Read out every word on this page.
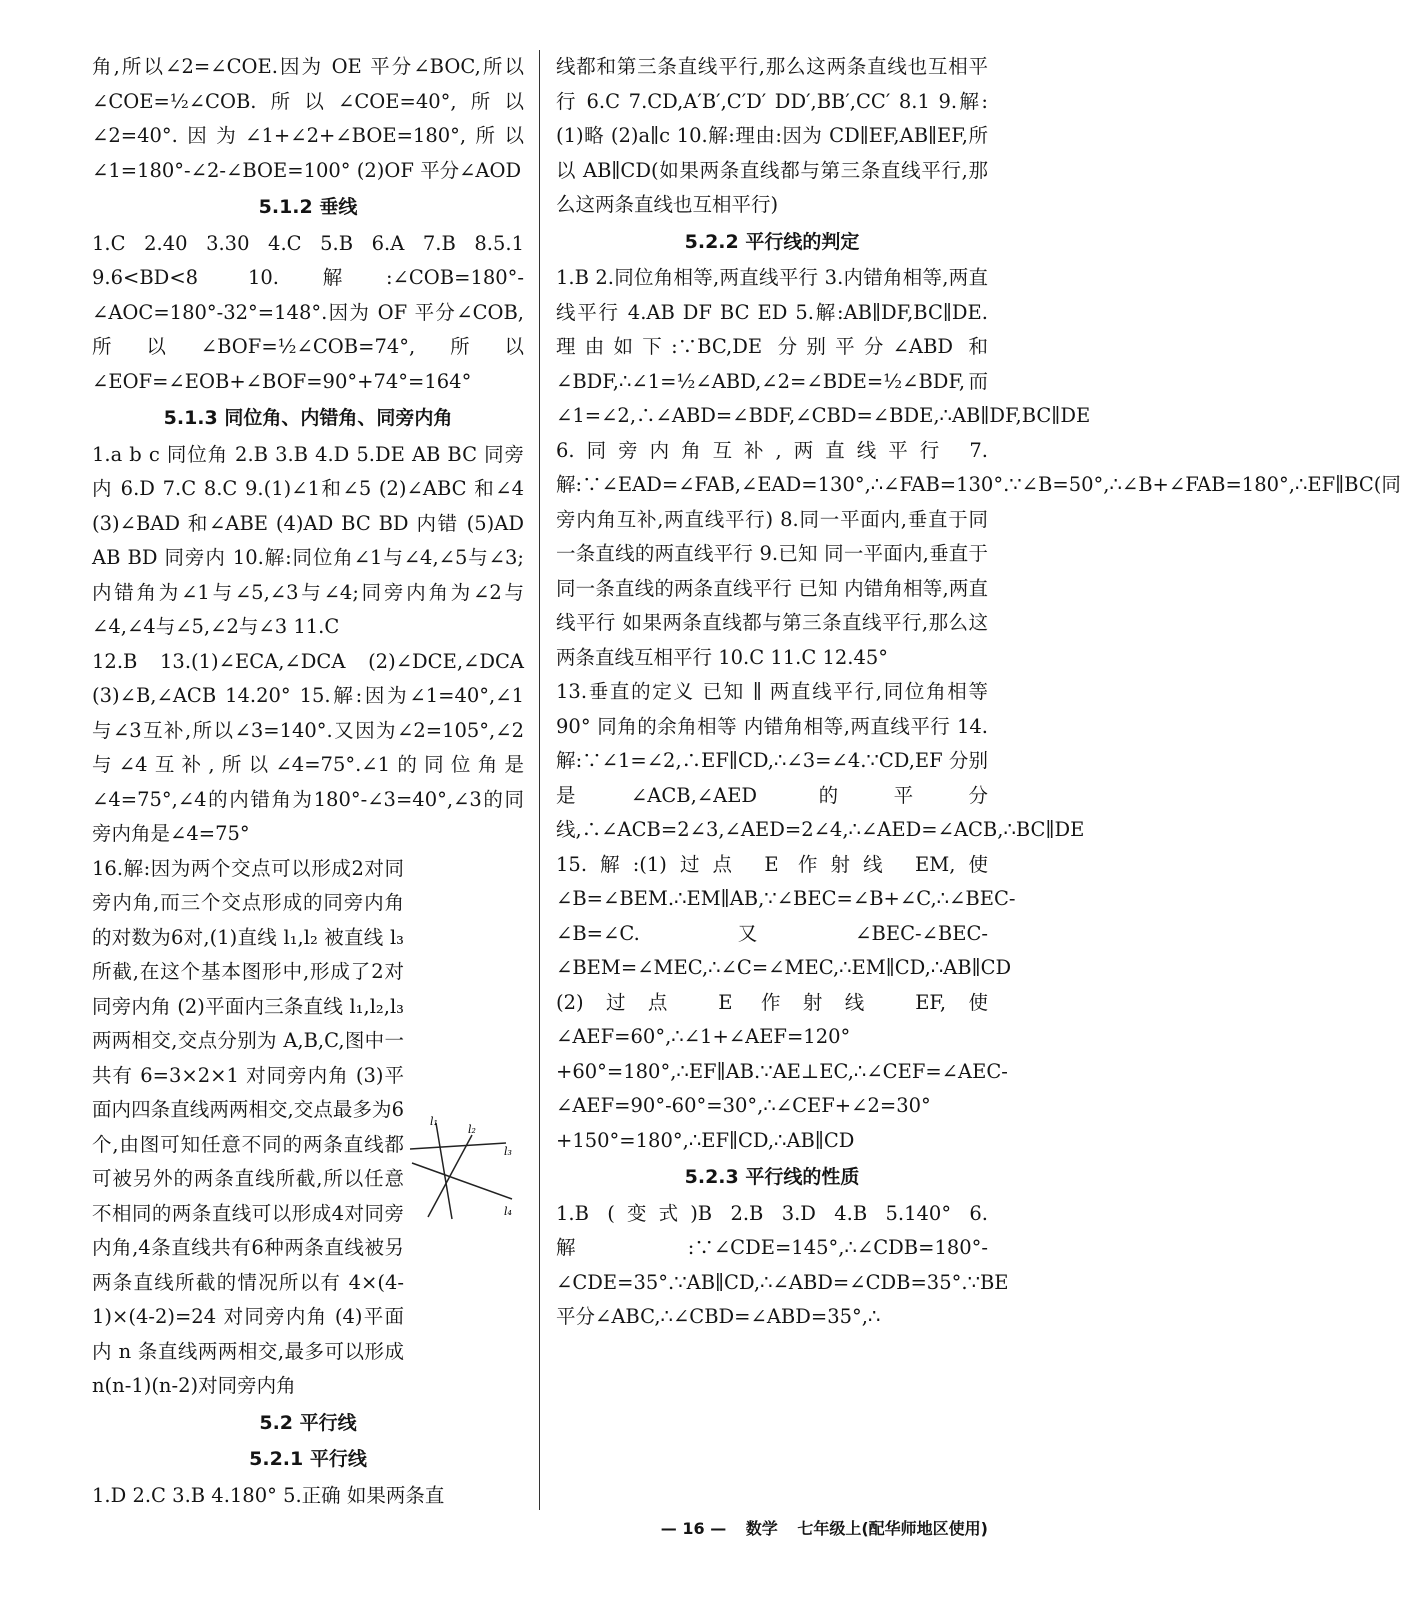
角,所以∠2=∠COE.因为 OE 平分∠BOC,所以∠COE=½∠COB.所以∠COE=40°,所以∠2=40°.因为∠1+∠2+∠BOE=180°,所以∠1=180°-∠2-∠BOE=100° (2)OF 平分∠AOD

5.1.2 垂线

1.C 2.40 3.30 4.C 5.B 6.A 7.B 8.5.1 9.6<BD<8 10.解:∠COB=180°-∠AOC=180°-32°=148°.因为 OF 平分∠COB,所以∠BOF=½∠COB=74°,所以∠EOF=∠EOB+∠BOF=90°+74°=164°

5.1.3 同位角、内错角、同旁内角

1.a b c 同位角 2.B 3.B 4.D 5.DE AB BC 同旁内 6.D 7.C 8.C 9.(1)∠1和∠5 (2)∠ABC 和∠4 (3)∠BAD 和∠ABE (4)AD BC BD 内错 (5)AD AB BD 同旁内 10.解:同位角∠1与∠4,∠5与∠3;内错角为∠1与∠5,∠3与∠4;同旁内角为∠2与∠4,∠4与∠5,∠2与∠3 11.C

12.B 13.(1)∠ECA,∠DCA (2)∠DCE,∠DCA (3)∠B,∠ACB 14.20° 15.解:因为∠1=40°,∠1与∠3互补,所以∠3=140°.又因为∠2=105°,∠2与∠4互补,所以∠4=75°.∠1的同位角是∠4=75°,∠4的内错角为180°-∠3=40°,∠3的同旁内角是∠4=75°

16.解:因为两个交点可以形成2对同旁内角,而三个交点形成的同旁内角的对数为6对,(1)直线 l₁,l₂ 被直线 l₃ 所截,在这个基本图形中,形成了2对同旁内角 (2)平面内三条直线 l₁,l₂,l₃ 两两相交,交点分别为 A,B,C,图中一共有 6=3×2×1 对同旁内角 (3)平面内四条直线两两相交,交点最多为6个,由图可知任意不同的两条直线都可被另外的两条直线所截,所以任意不相同的两条直线可以形成4对同旁内角,4条直线共有6种两条直线被另两条直线所截的情况所以有 4×(4-1)×(4-2)=24 对同旁内角 (4)平面内 n 条直线两两相交,最多可以形成 n(n-1)(n-2)对同旁内角

5.2 平行线
5.2.1 平行线

1.D 2.C 3.B 4.180° 5.正确 如果两条直

线都和第三条直线平行,那么这两条直线也互相平行 6.C 7.CD,A′B′,C′D′ DD′,BB′,CC′ 8.1 9.解:(1)略 (2)a∥c 10.解:理由:因为 CD∥EF,AB∥EF,所以 AB∥CD(如果两条直线都与第三条直线平行,那么这两条直线也互相平行)

5.2.2 平行线的判定

1.B 2.同位角相等,两直线平行 3.内错角相等,两直线平行 4.AB DF BC ED 5.解:AB∥DF,BC∥DE.理由如下:∵BC,DE 分别平分∠ABD 和∠BDF,∴∠1=½∠ABD,∠2=∠BDE=½∠BDF,而∠1=∠2,∴∠ABD=∠BDF,∠CBD=∠BDE,∴AB∥DF,BC∥DE 6.同旁内角互补,两直线平行 7.解:∵∠EAD=∠FAB,∠EAD=130°,∴∠FAB=130°.∵∠B=50°,∴∠B+∠FAB=180°,∴EF∥BC(同旁内角互补,两直线平行) 8.同一平面内,垂直于同一条直线的两直线平行 9.已知 同一平面内,垂直于同一条直线的两条直线平行 已知 内错角相等,两直线平行 如果两条直线都与第三条直线平行,那么这两条直线互相平行 10.C 11.C 12.45°

13.垂直的定义 已知 ∥ 两直线平行,同位角相等 90° 同角的余角相等 内错角相等,两直线平行 14.解:∵∠1=∠2,∴EF∥CD,∴∠3=∠4.∵CD,EF 分别是∠ACB,∠AED 的平分线,∴∠ACB=2∠3,∠AED=2∠4,∴∠AED=∠ACB,∴BC∥DE 15.解:(1)过点 E 作射线 EM,使∠B=∠BEM.∴EM∥AB,∵∠BEC=∠B+∠C,∴∠BEC-∠B=∠C.又∠BEC-∠BEC-∠BEM=∠MEC,∴∠C=∠MEC,∴EM∥CD,∴AB∥CD (2)过点 E 作射线 EF,使∠AEF=60°,∴∠1+∠AEF=120°+60°=180°,∴EF∥AB.∵AE⊥EC,∴∠CEF=∠AEC-∠AEF=90°-60°=30°,∴∠CEF+∠2=30°+150°=180°,∴EF∥CD,∴AB∥CD

5.2.3 平行线的性质

1.B (变式)B 2.B 3.D 4.B 5.140° 6.解:∵∠CDE=145°,∴∠CDB=180°-∠CDE=35°.∵AB∥CD,∴∠ABD=∠CDB=35°.∵BE 平分∠ABC,∴∠CBD=∠ABD=35°,∴

l₁
l₂
l₃
l₄
— 16 — 数学 七年级上(配华师地区使用)
